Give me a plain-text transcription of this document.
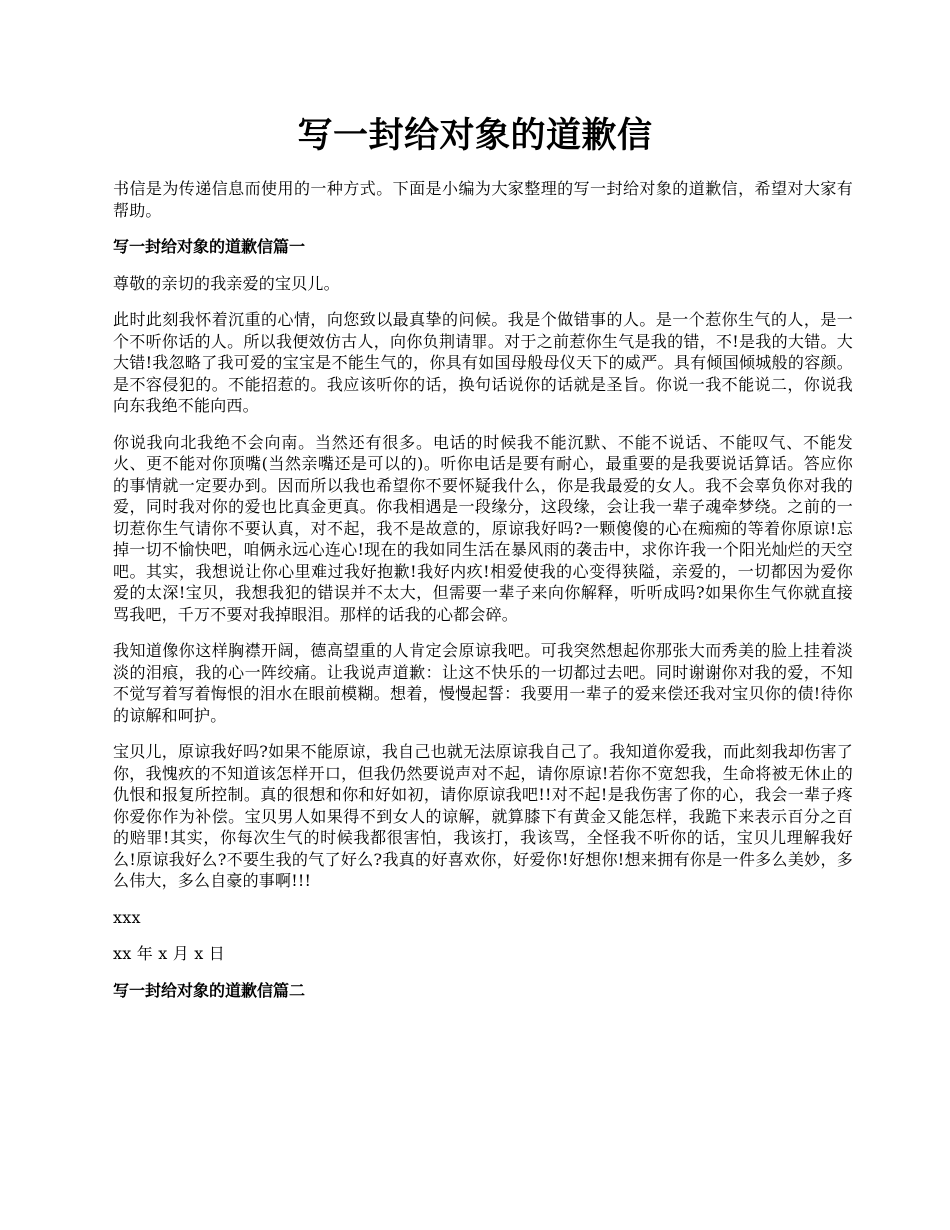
写一封给对象的道歉信

书信是为传递信息而使用的一种方式。下面是小编为大家整理的写一封给对象的道歉信，希望对大家有帮助。

写一封给对象的道歉信篇一

尊敬的亲切的我亲爱的宝贝儿。

此时此刻我怀着沉重的心情，向您致以最真挚的问候。我是个做错事的人。是一个惹你生气的人，是一个不听你话的人。所以我便效仿古人，向你负荆请罪。对于之前惹你生气是我的错，不!是我的大错。大大错!我忽略了我可爱的宝宝是不能生气的，你具有如国母般母仪天下的威严。具有倾国倾城般的容颜。是不容侵犯的。不能招惹的。我应该听你的话，换句话说你的话就是圣旨。你说一我不能说二，你说我向东我绝不能向西。

你说我向北我绝不会向南。当然还有很多。电话的时候我不能沉默、不能不说话、不能叹气、不能发火、更不能对你顶嘴(当然亲嘴还是可以的)。听你电话是要有耐心，最重要的是我要说话算话。答应你的事情就一定要办到。因而所以我也希望你不要怀疑我什么，你是我最爱的女人。我不会辜负你对我的爱，同时我对你的爱也比真金更真。你我相遇是一段缘分，这段缘，会让我一辈子魂牵梦绕。之前的一切惹你生气请你不要认真，对不起，我不是故意的，原谅我好吗?一颗傻傻的心在痴痴的等着你原谅!忘掉一切不愉快吧，咱俩永远心连心!现在的我如同生活在暴风雨的袭击中，求你许我一个阳光灿烂的天空吧。其实，我想说让你心里难过我好抱歉!我好内疚!相爱使我的心变得狭隘，亲爱的，一切都因为爱你爱的太深!宝贝，我想我犯的错误并不太大，但需要一辈子来向你解释，听听成吗?如果你生气你就直接骂我吧，千万不要对我掉眼泪。那样的话我的心都会碎。

我知道像你这样胸襟开阔，德高望重的人肯定会原谅我吧。可我突然想起你那张大而秀美的脸上挂着淡淡的泪痕，我的心一阵绞痛。让我说声道歉：让这不快乐的一切都过去吧。同时谢谢你对我的爱，不知不觉写着写着悔恨的泪水在眼前模糊。想着，慢慢起誓：我要用一辈子的爱来偿还我对宝贝你的债!待你的谅解和呵护。

宝贝儿，原谅我好吗?如果不能原谅，我自己也就无法原谅我自己了。我知道你爱我，而此刻我却伤害了你，我愧疚的不知道该怎样开口，但我仍然要说声对不起，请你原谅!若你不宽恕我，生命将被无休止的仇恨和报复所控制。真的很想和你和好如初，请你原谅我吧!!对不起!是我伤害了你的心，我会一辈子疼你爱你作为补偿。宝贝男人如果得不到女人的谅解，就算膝下有黄金又能怎样，我跪下来表示百分之百的赔罪!其实，你每次生气的时候我都很害怕，我该打，我该骂，全怪我不听你的话，宝贝儿理解我好么!原谅我好么?不要生我的气了好么?我真的好喜欢你，好爱你!好想你!想来拥有你是一件多么美妙，多么伟大，多么自豪的事啊!!!

xxx

xx 年 x 月 x 日

写一封给对象的道歉信篇二
